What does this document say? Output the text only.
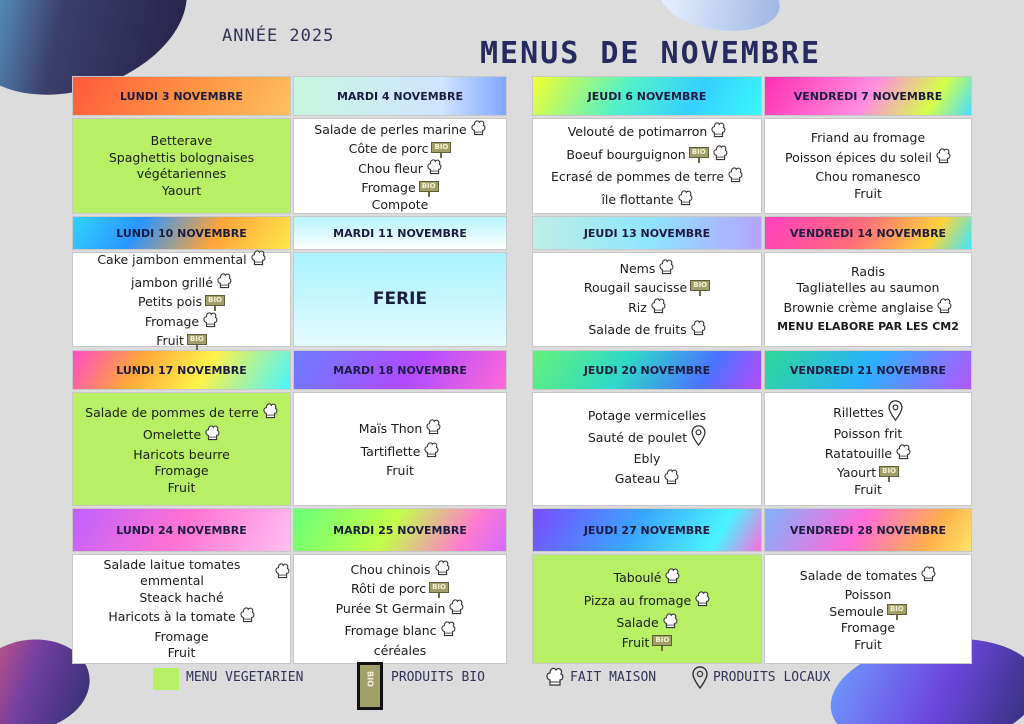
ANNÉE 2025	MENUS DE NOVEMBRE
LUNDI 3 NOVEMBRE
Betterave
Spaghettis bolognaises
végétariennes
Yaourt
MARDI 4 NOVEMBRE
Salade de perles marine
Côte de porc BIO
Chou fleur
Fromage BIO
Compote
JEUDI 6 NOVEMBRE
Velouté de potimarron
Boeuf bourguignon BIO
Ecrasé de pommes de terre
île flottante
VENDREDI 7 NOVEMBRE
Friand au fromage
Poisson épices du soleil
Chou romanesco
Fruit
LUNDI 10 NOVEMBRE
Cake jambon emmental
jambon grillé
Petits pois BIO
Fromage
Fruit BIO
MARDI 11 NOVEMBRE
FERIE
JEUDI 13 NOVEMBRE
Nems
Rougail saucisse BIO
Riz
Salade de fruits
VENDREDI 14 NOVEMBRE
Radis
Tagliatelles au saumon
Brownie crème anglaise
MENU ELABORE PAR LES CM2
LUNDI 17 NOVEMBRE
Salade de pommes de terre
Omelette
Haricots beurre
Fromage
Fruit
MARDI 18 NOVEMBRE
Maïs Thon
Tartiflette
Fruit
JEUDI 20 NOVEMBRE
Potage vermicelles
Sauté de poulet
Ebly
Gateau
VENDREDI 21 NOVEMBRE
Rillettes
Poisson frit
Ratatouille
Yaourt BIO
Fruit
LUNDI 24 NOVEMBRE
Salade laitue tomates emmental
Steack haché
Haricots à la tomate
Fromage
Fruit
MARDI 25 NOVEMBRE
Chou chinois
Rôti de porc BIO
Purée St Germain
Fromage blanc
céréales
JEUDI 27 NOVEMBRE
Taboulé
Pizza au fromage
Salade
Fruit BIO
VENDREDI 28 NOVEMBRE
Salade de tomates
Poisson
Semoule BIO
Fromage
Fruit
MENU VEGETARIEN	BIO PRODUITS BIO	FAIT MAISON	PRODUITS LOCAUX
